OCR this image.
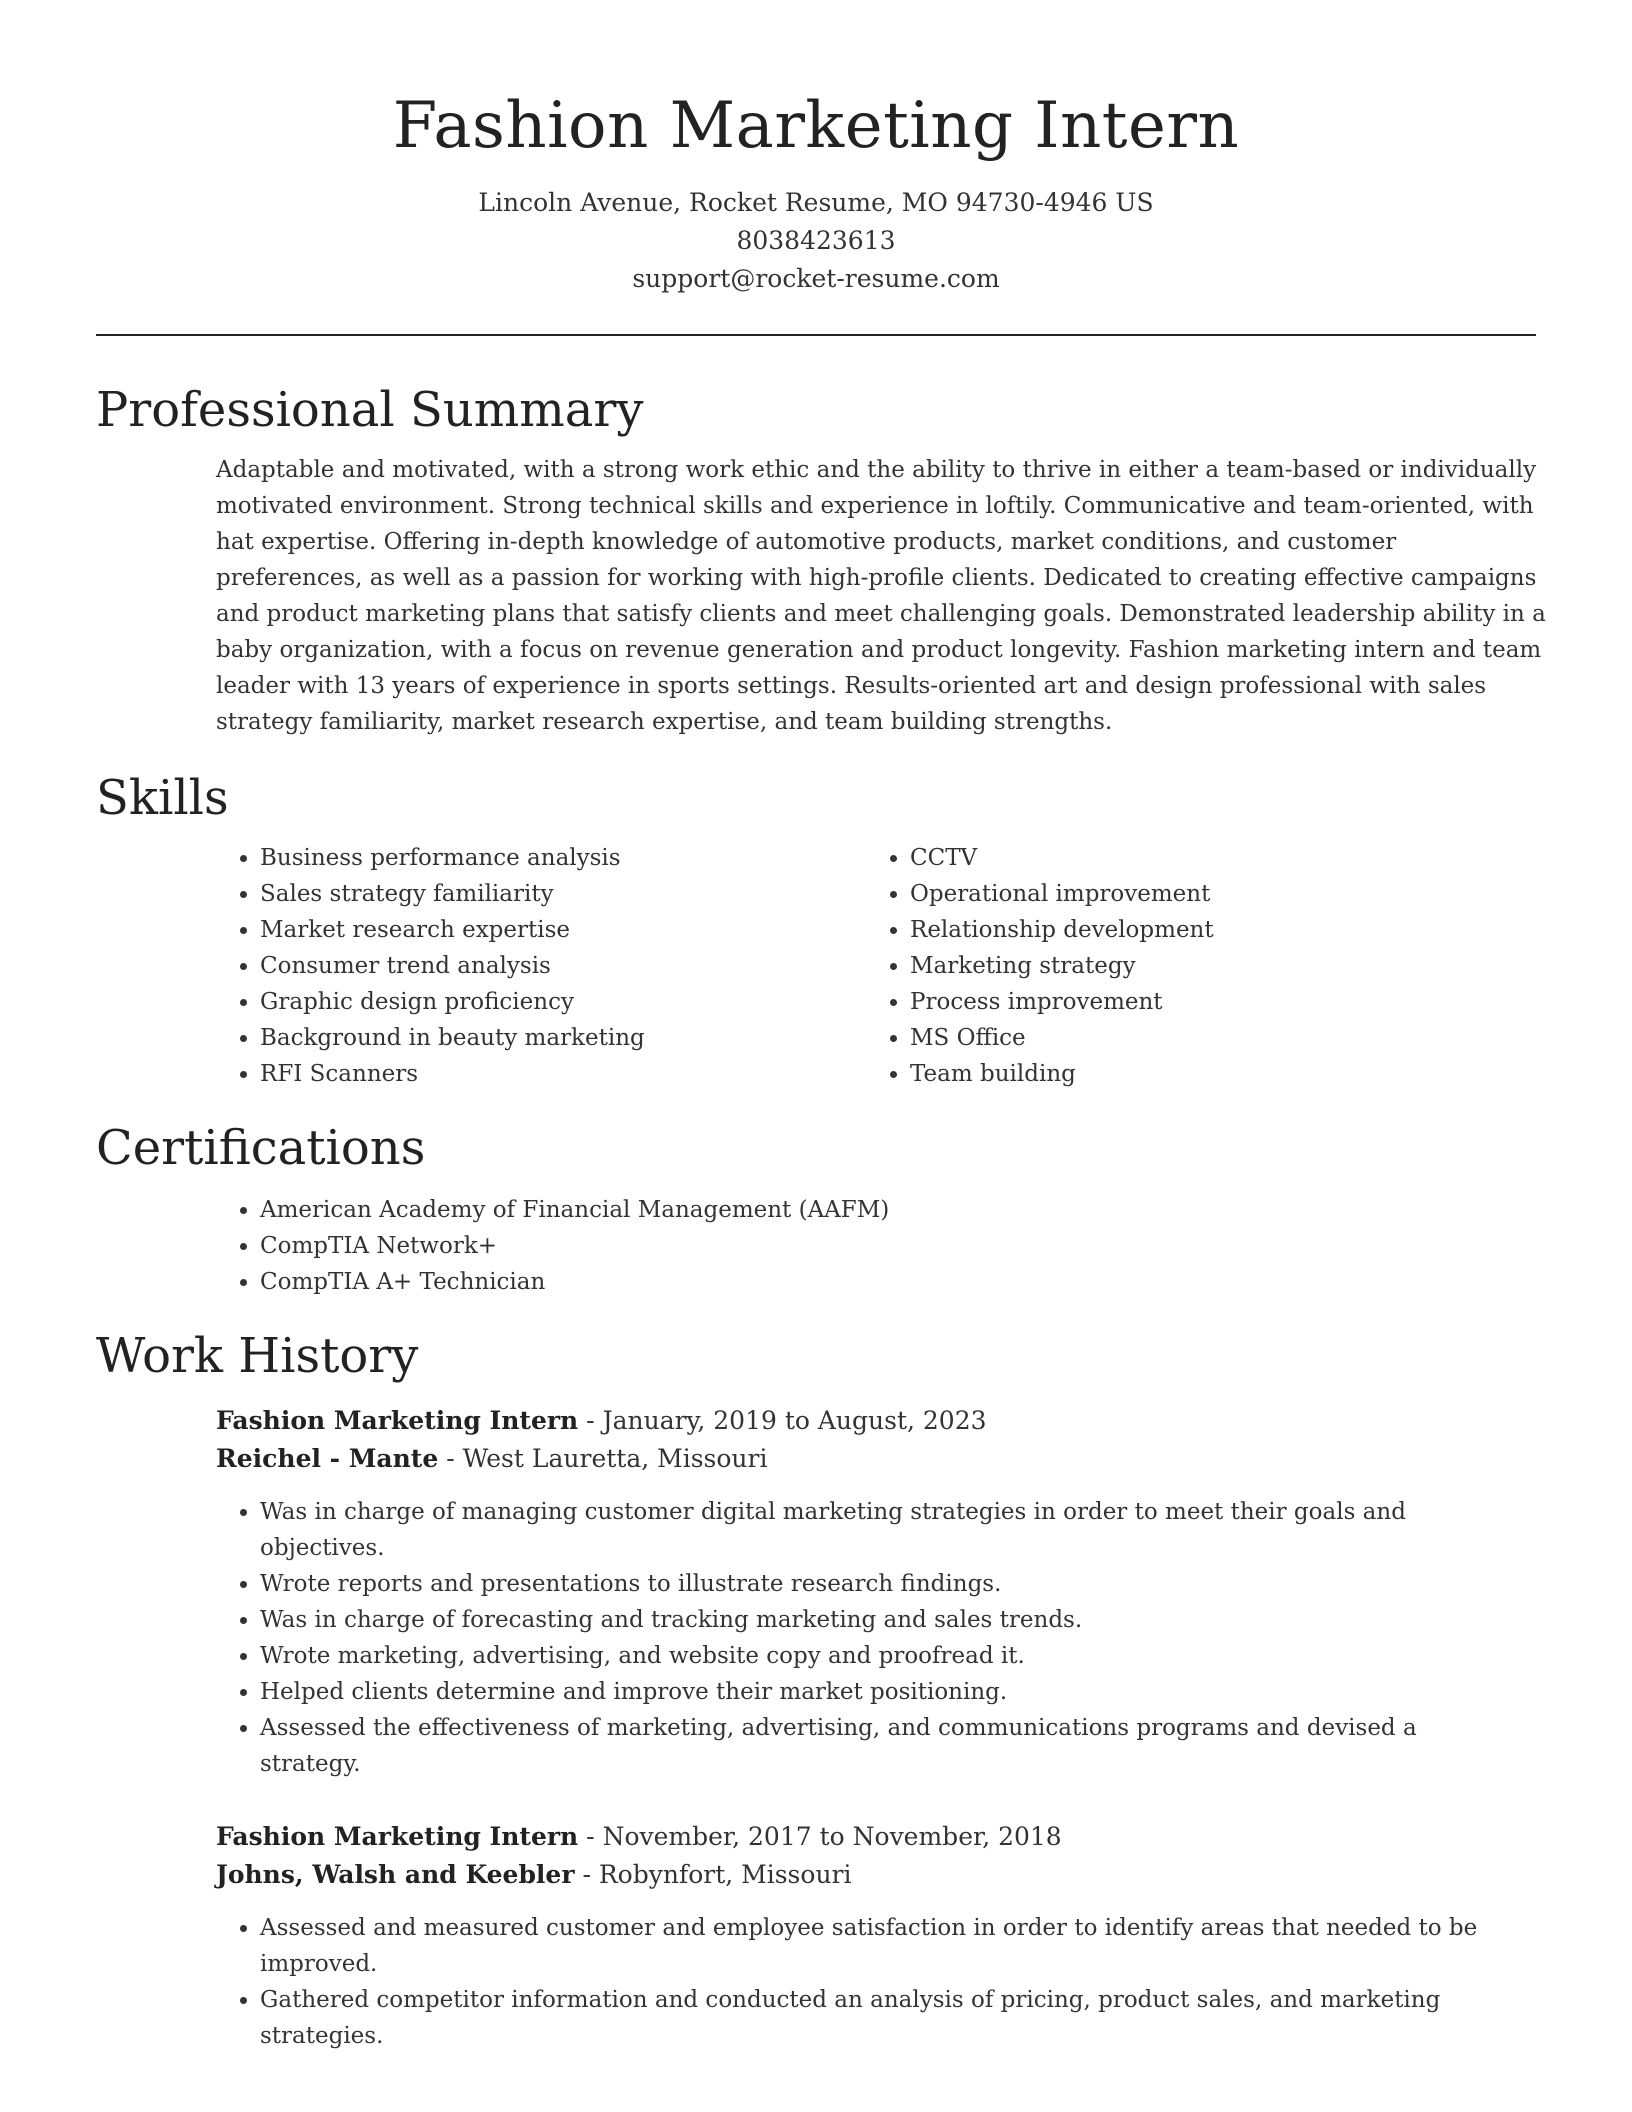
Fashion Marketing Intern
Lincoln Avenue, Rocket Resume, MO 94730-4946 US
8038423613
support@rocket-resume.com
Professional Summary

Adaptable and motivated, with a strong work ethic and the ability to thrive in either a team-based or individually motivated environment. Strong technical skills and experience in loftily. Communicative and team-oriented, with hat expertise. Offering in-depth knowledge of automotive products, market conditions, and customer preferences, as well as a passion for working with high-profile clients. Dedicated to creating effective campaigns and product marketing plans that satisfy clients and meet challenging goals. Demonstrated leadership ability in a baby organization, with a focus on revenue generation and product longevity. Fashion marketing intern and team leader with 13 years of experience in sports settings. Results-oriented art and design professional with sales strategy familiarity, market research expertise, and team building strengths.

Skills
• Business performance analysis
• Sales strategy familiarity
• Market research expertise
• Consumer trend analysis
• Graphic design proficiency
• Background in beauty marketing
• RFI Scanners
• CCTV
• Operational improvement
• Relationship development
• Marketing strategy
• Process improvement
• MS Office
• Team building
Certifications
• American Academy of Financial Management (AAFM)
• CompTIA Network+
• CompTIA A+ Technician
Work History
Fashion Marketing Intern - January, 2019 to August, 2023
Reichel - Mante - West Lauretta, Missouri
• Was in charge of managing customer digital marketing strategies in order to meet their goals and objectives.
• Wrote reports and presentations to illustrate research findings.
• Was in charge of forecasting and tracking marketing and sales trends.
• Wrote marketing, advertising, and website copy and proofread it.
• Helped clients determine and improve their market positioning.
• Assessed the effectiveness of marketing, advertising, and communications programs and devised a strategy.
Fashion Marketing Intern - November, 2017 to November, 2018
Johns, Walsh and Keebler - Robynfort, Missouri
• Assessed and measured customer and employee satisfaction in order to identify areas that needed to be improved.
• Gathered competitor information and conducted an analysis of pricing, product sales, and marketing strategies.
